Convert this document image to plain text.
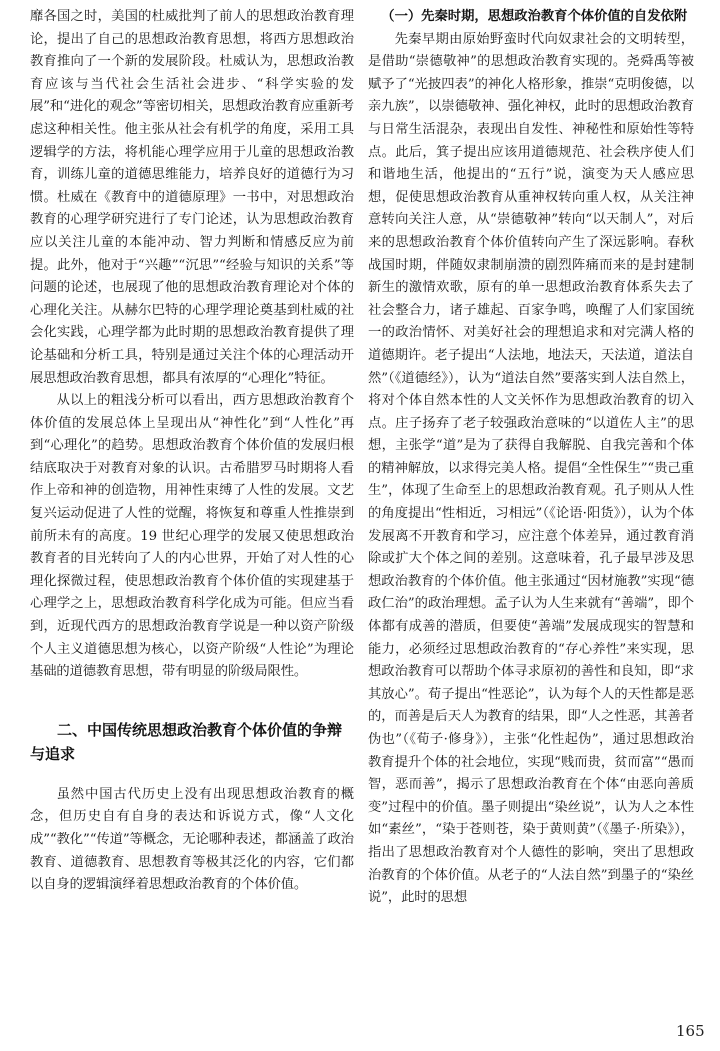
靡各国之时，美国的杜威批判了前人的思想政治教育理论，提出了自己的思想政治教育思想，将西方思想政治教育推向了一个新的发展阶段。杜威认为，思想政治教育应该与当代社会生活社会进步、“科学实验的发展”和“进化的观念”等密切相关，思想政治教育应重新考虑这种相关性。他主张从社会有机学的角度，采用工具逻辑学的方法，将机能心理学应用于儿童的思想政治教育，训练儿童的道德思维能力，培养良好的道德行为习惯。杜威在《教育中的道德原理》一书中，对思想政治教育的心理学研究进行了专门论述，认为思想政治教育应以关注儿童的本能冲动、智力判断和情感反应为前提。此外，他对于“兴趣”“沉思”“经验与知识的关系”等问题的论述，也展现了他的思想政治教育理论对个体的心理化关注。从赫尔巴特的心理学理论奠基到杜威的社会化实践，心理学都为此时期的思想政治教育提供了理论基础和分析工具，特别是通过关注个体的心理活动开展思想政治教育思想，都具有浓厚的“心理化”特征。

从以上的粗浅分析可以看出，西方思想政治教育个体价值的发展总体上呈现出从“神性化”到“人性化”再到“心理化”的趋势。思想政治教育个体价值的发展归根结底取决于对教育对象的认识。古希腊罗马时期将人看作上帝和神的创造物，用神性束缚了人性的发展。文艺复兴运动促进了人性的觉醒，将恢复和尊重人性推崇到前所未有的高度。19 世纪心理学的发展又使思想政治教育者的目光转向了人的内心世界，开始了对人性的心理化探微过程，使思想政治教育个体价值的实现建基于心理学之上，思想政治教育科学化成为可能。但应当看到，近现代西方的思想政治教育学说是一种以资产阶级个人主义道德思想为核心，以资产阶级“人性论”为理论基础的道德教育思想，带有明显的阶级局限性。

二、中国传统思想政治教育个体价值的争辩与追求

虽然中国古代历史上没有出现思想政治教育的概念，但历史自有自身的表达和诉说方式，像“人文化成”“教化”“传道”等概念，无论哪种表述，都涵盖了政治教育、道德教育、思想教育等极其泛化的内容，它们都以自身的逻辑演绎着思想政治教育的个体价值。

（一）先秦时期，思想政治教育个体价值的自发依附

先秦早期由原始野蛮时代向奴隶社会的文明转型，是借助“崇德敬神”的思想政治教育实现的。尧舜禹等被赋予了“光披四表”的神化人格形象，推崇“克明俊德，以亲九族”，以崇德敬神、强化神权，此时的思想政治教育与日常生活混杂，表现出自发性、神秘性和原始性等特点。此后，箕子提出应该用道德规范、社会秩序使人们和谐地生活，他提出的“五行”说，演变为天人感应思想，促使思想政治教育从重神权转向重人权，从关注神意转向关注人意，从“崇德敬神”转向“以天制人”，对后来的思想政治教育个体价值转向产生了深远影响。春秋战国时期，伴随奴隶制崩溃的剧烈阵痛而来的是封建制新生的激情欢歌，原有的单一思想政治教育体系失去了社会整合力，诸子雄起、百家争鸣，唤醒了人们家国统一的政治情怀、对美好社会的理想追求和对完满人格的道德期许。老子提出“人法地，地法天，天法道，道法自然”（《道德经》），认为“道法自然”要落实到人法自然上，将对个体自然本性的人文关怀作为思想政治教育的切入点。庄子扬弃了老子较强政治意味的“以道佐人主”的思想，主张学“道”是为了获得自我解脱、自我完善和个体的精神解放，以求得完美人格。提倡“全性保生”“贵己重生”，体现了生命至上的思想政治教育观。孔子则从人性的角度提出“性相近，习相远”（《论语·阳货》），认为个体发展离不开教育和学习，应注意个体差异，通过教育消除或扩大个体之间的差别。这意味着，孔子最早涉及思想政治教育的个体价值。他主张通过“因材施教”实现“德政仁治”的政治理想。孟子认为人生来就有“善端”，即个体都有成善的潜质，但要使“善端”发展成现实的智慧和能力，必须经过思想政治教育的“存心养性”来实现，思想政治教育可以帮助个体寻求原初的善性和良知，即“求其放心”。荀子提出“性恶论”，认为每个人的天性都是恶的，而善是后天人为教育的结果，即“人之性恶，其善者伪也”（《荀子·修身》），主张“化性起伪”，通过思想政治教育提升个体的社会地位，实现“贱而贵，贫而富”“愚而智，恶而善”，揭示了思想政治教育在个体“由恶向善质变”过程中的价值。墨子则提出“染丝说”，认为人之本性如“素丝”，“染于苍则苍，染于黄则黄”（《墨子·所染》），指出了思想政治教育对个人德性的影响，突出了思想政治教育的个体价值。从老子的“人法自然”到墨子的“染丝说”，此时的思想

165
